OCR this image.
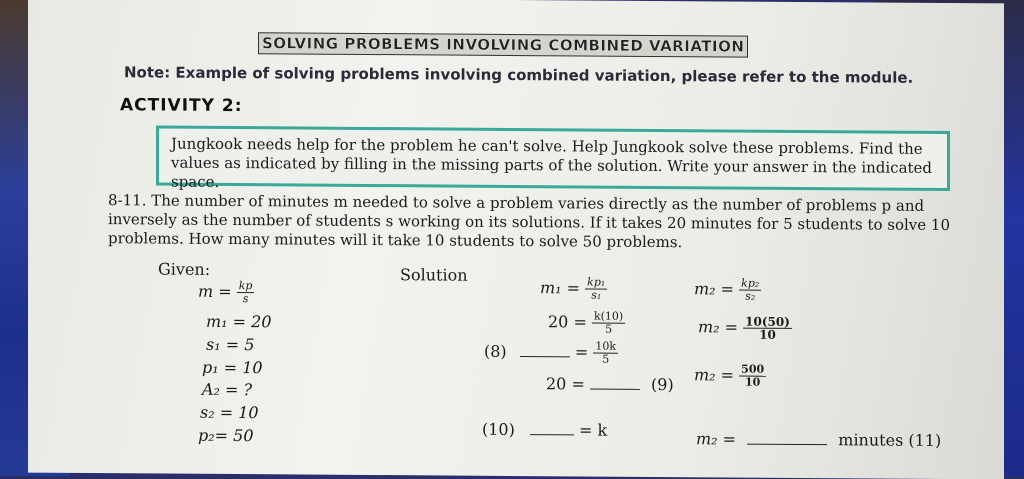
SOLVING PROBLEMS INVOLVING COMBINED VARIATION
Note: Example of solving problems involving combined variation, please refer to the module.
ACTIVITY 2:
Jungkook needs help for the problem he can't solve. Help Jungkook solve these problems. Find the values as indicated by filling in the missing parts of the solution. Write your answer in the indicated space.
8-11. The number of minutes m needed to solve a problem varies directly as the number of problems p and inversely as the number of students s working on its solutions. If it takes 20 minutes for 5 students to solve 10 problems. How many minutes will it take 10 students to solve 50 problems.
Given:
$m = \frac{kp}{s}$
m₁ = 20
s₁ = 5
p₁ = 10
A₂ = ?
s₂ = 10
p₂= 50
Solution
$m_1 = \frac{\text{kp₁}}{\text{s₁}}$
$20 = \frac{k(10)}{5}$
(8)	= $\frac{10k}{5}$
20 =	(9)
(10)	= k
$m_2 = \frac{\text{kp₂}}{\text{s₂}}$
$m_2 = \frac{10(50)}{10}$
$m_2 = \frac{500}{10}$
m₂ =	minutes (11)
